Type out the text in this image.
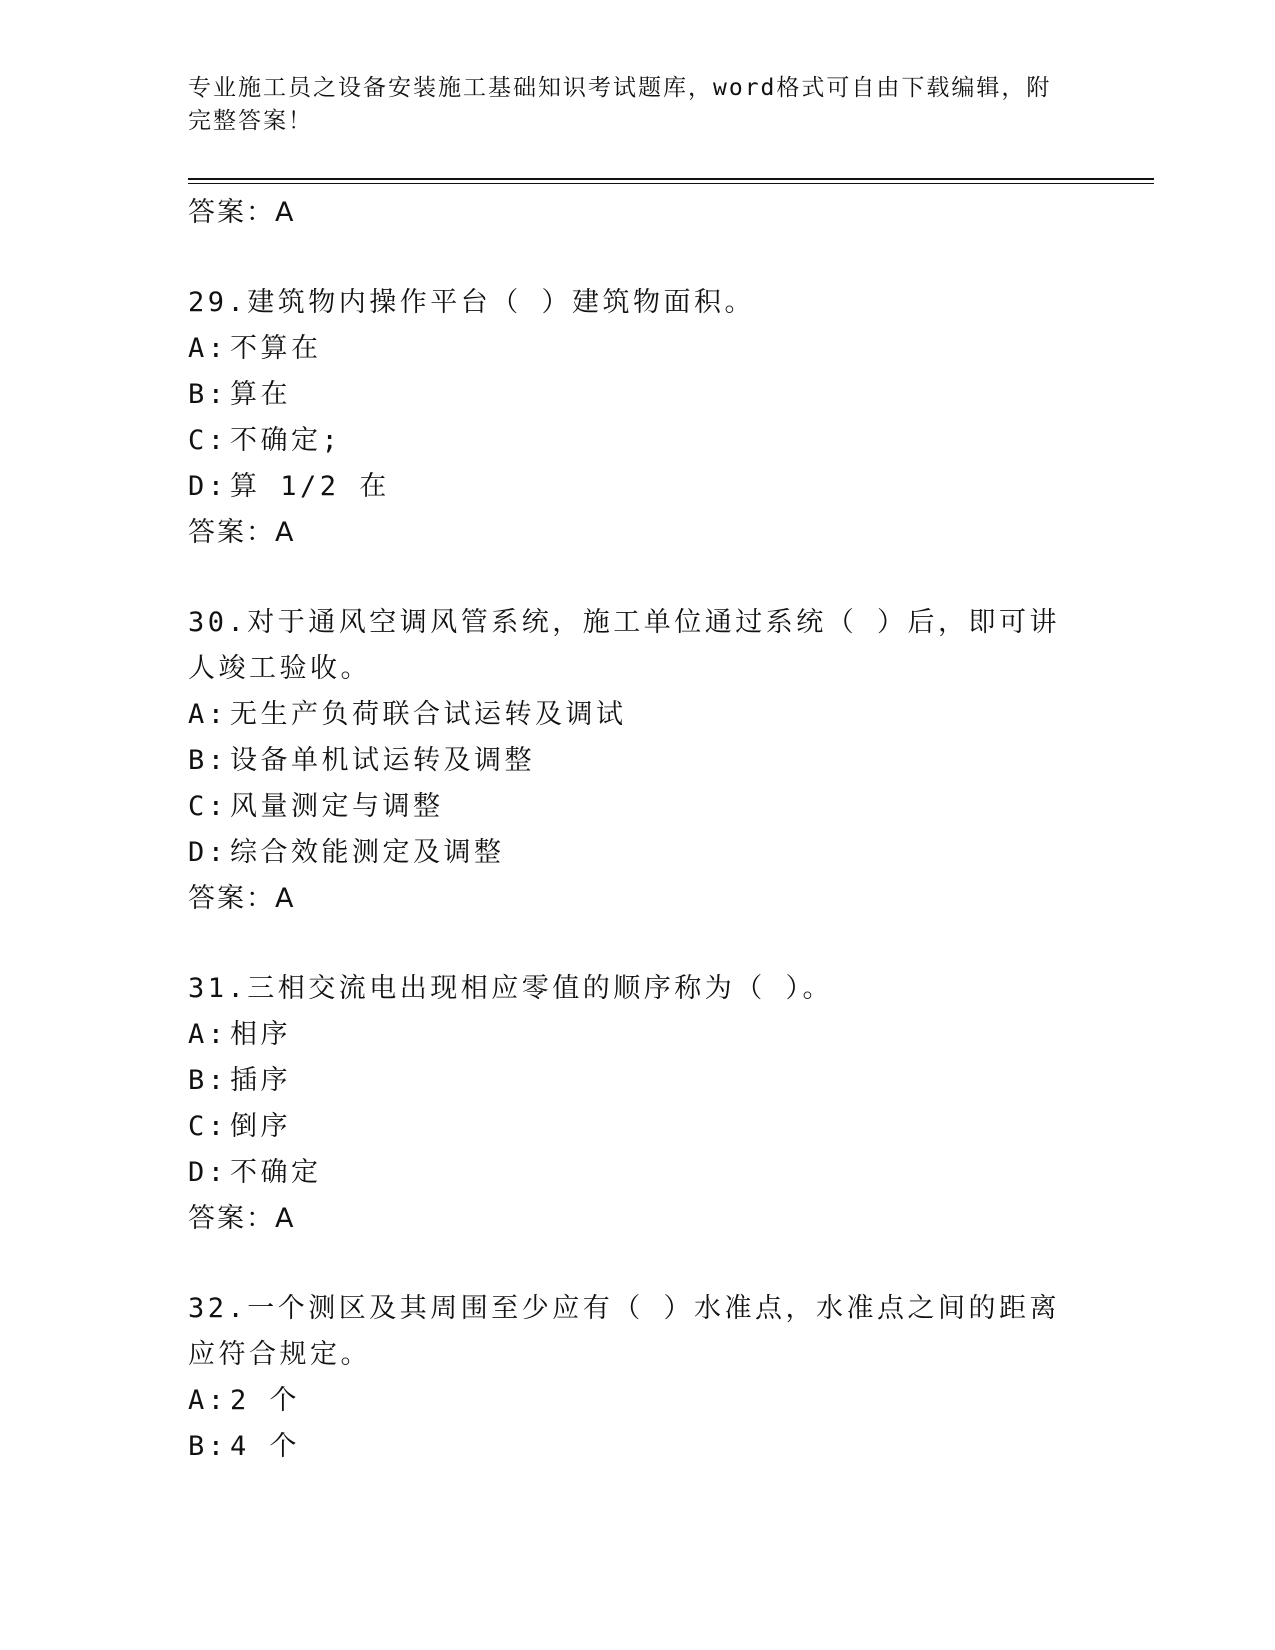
专业施工员之设备安装施工基础知识考试题库，word格式可自由下载编辑，附完整答案！
答案：A
29.建筑物内操作平台（ ）建筑物面积。
A:不算在
B:算在
C:不确定;
D:算 1/2 在
答案：A
30.对于通风空调风管系统，施工单位通过系统（ ）后，即可讲人竣工验收。
A:无生产负荷联合试运转及调试
B:设备单机试运转及调整
C:风量测定与调整
D:综合效能测定及调整
答案：A
31.三相交流电出现相应零值的顺序称为（ ）。
A:相序
B:插序
C:倒序
D:不确定
答案：A
32.一个测区及其周围至少应有（ ）水准点，水准点之间的距离应符合规定。
A:2 个
B:4 个
